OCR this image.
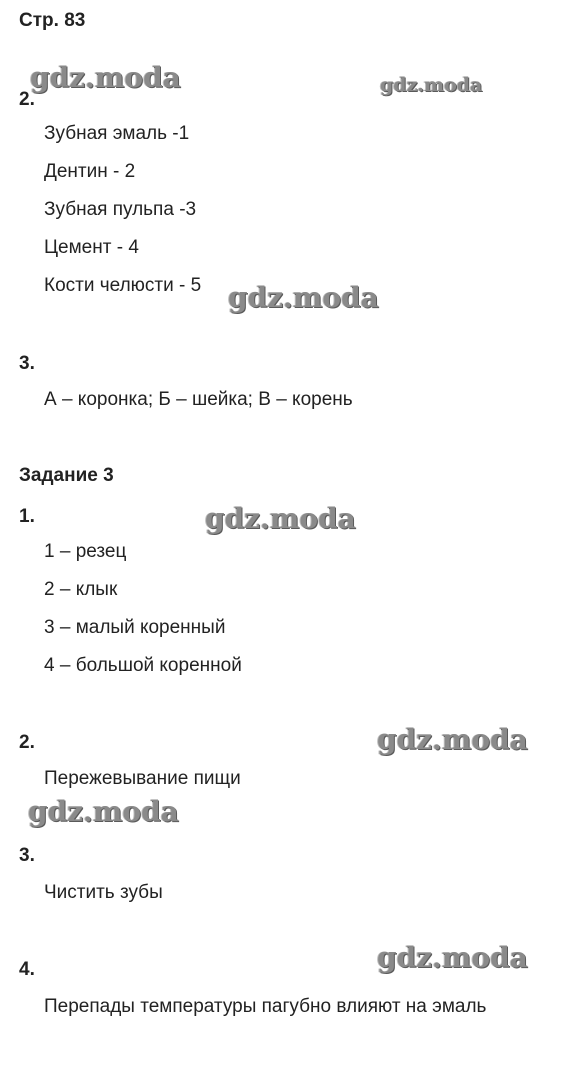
Стр. 83
2.
Зубная эмаль -1
Дентин - 2
Зубная пульпа -3
Цемент - 4
Кости челюсти - 5
3.
А – коронка; Б – шейка; В – корень
Задание 3
1.
1 – резец
2 – клык
3 – малый коренный
4 – большой коренной
2.
Пережевывание пищи
3.
Чистить зубы
4.
Перепады температуры пагубно влияют на эмаль
gdz.moda	gdz.moda
gdz.moda
gdz.moda
gdz.moda
gdz.moda
gdz.moda
